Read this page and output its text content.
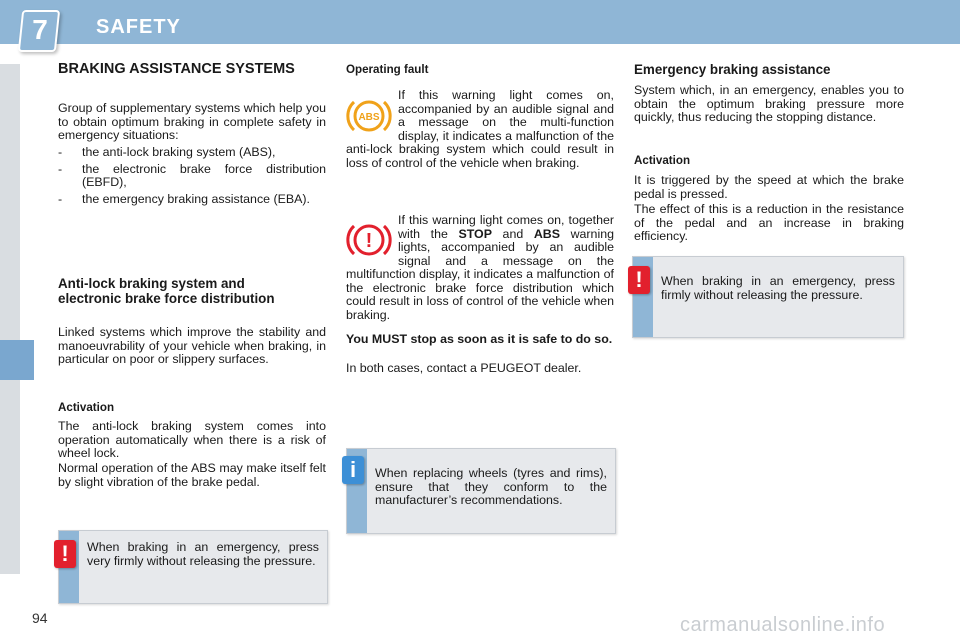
7 SAFETY
BRAKING ASSISTANCE SYSTEMS
Group of supplementary systems which help you to obtain optimum braking in complete safety in emergency situations:
-	the anti-lock braking system (ABS),
-	the electronic brake force distribution (EBFD),
-	the emergency braking assistance (EBA).
Anti-lock braking system and electronic brake force distribution
Linked systems which improve the stability and manoeuvrability of your vehicle when braking, in particular on poor or slippery surfaces.
Activation
The anti-lock braking system comes into operation automatically when there is a risk of wheel lock.
Normal operation of the ABS may make itself felt by slight vibration of the brake pedal.
When braking in an emergency, press very firmly without releasing the pressure.
!
Operating fault
ABS
If this warning light comes on, accompanied by an audible signal and a message on the multi-function display, it indicates a malfunction of the anti-lock braking system which could result in loss of control of the vehicle when braking.
!
If this warning light comes on, together with the STOP and ABS warning lights, accompanied by an audible signal and a message on the multifunction display, it indicates a malfunction of the electronic brake force distribution which could result in loss of control of the vehicle when braking.
You MUST stop as soon as it is safe to do so.
In both cases, contact a PEUGEOT dealer.
When replacing wheels (tyres and rims), ensure that they conform to the manufacturer’s recommendations.
i
Emergency braking assistance
System which, in an emergency, enables you to obtain the optimum braking pressure more quickly, thus reducing the stopping distance.
Activation
It is triggered by the speed at which the brake pedal is pressed.
The effect of this is a reduction in the resistance of the pedal and an increase in braking efficiency.
When braking in an emergency, press firmly without releasing the pressure.
!
94	carmanualsonline.info
